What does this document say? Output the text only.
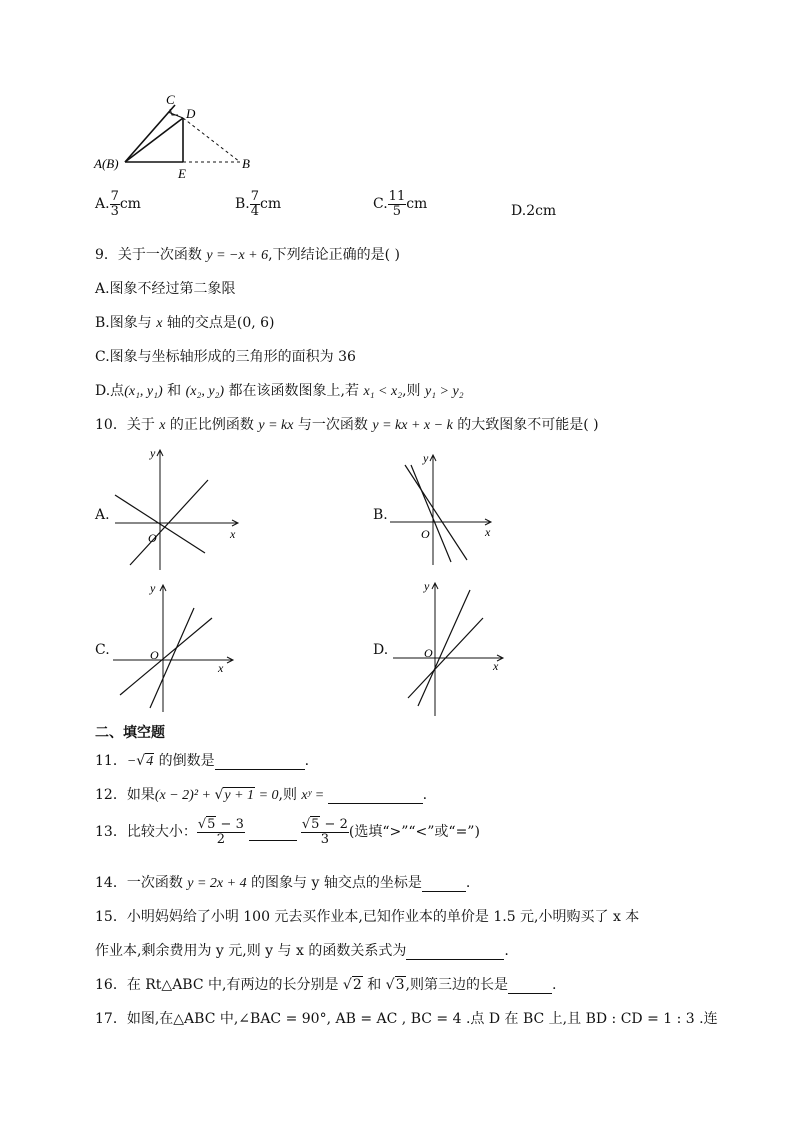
C
D
A(B)
E
B
A. $\frac{7}{3}$ cm	B. $\frac{7}{4}$ cm	C. $\frac{11}{5}$ cm	D.2cm
9．关于一次函数 y = −x + 6,下列结论正确的是( )
A.图象不经过第二象限
B.图象与 x 轴的交点是(0, 6)
C.图象与坐标轴形成的三角形的面积为 36
D.点(x₁, y₁) 和 (x₂, y₂) 都在该函数图象上,若 x₁ < x₂,则 y₁ > y₂
10．关于 x 的正比例函数 y = kx 与一次函数 y = kx + x − k 的大致图象不可能是( )
A.
x
y
O
B.
x
y
O
C.
x
y
O	D.
x
y
O
二、填空题
11．−√4 的倒数是	.
12．如果(x − 2)² + √y + 1 = 0,则 xʸ =	.
13．比较大小： $\frac{√5 - 3}{2}$
	$\frac{√5 - 2}{3}$ (选填“>”“<”或“=”)
14．一次函数 y = 2x + 4 的图象与 y 轴交点的坐标是	.
15．小明妈妈给了小明 100 元去买作业本,已知作业本的单价是 1.5 元,小明购买了 x 本
作业本,剩余费用为 y 元,则 y 与 x 的函数关系式为	.
16．在 Rt△ABC 中,有两边的长分别是 √2 和 √3,则第三边的长是	.
17．如图,在△ABC 中,∠BAC = 90°, AB = AC , BC = 4 .点 D 在 BC 上,且 BD : CD = 1 : 3 .连
